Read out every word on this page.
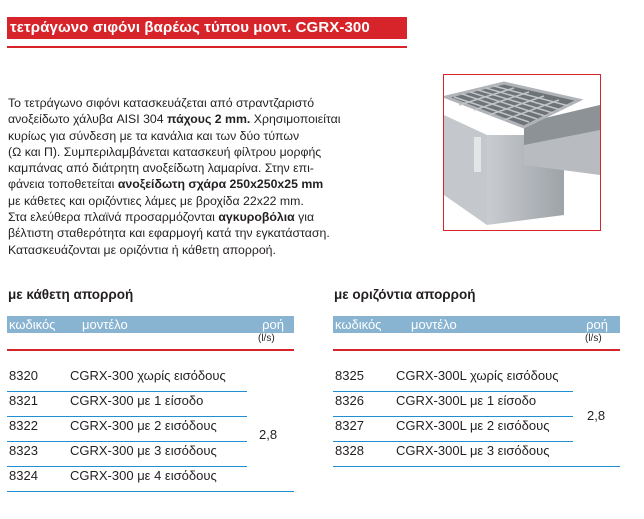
τετράγωνο σιφόνι βαρέως τύπου μοντ. CGRX-300
Το τετράγωνο σιφόνι κατασκευάζεται από στραντζαριστό
ανοξείδωτο χάλυβα AISI 304 πάχους 2 mm. Χρησιμοποιείται
κυρίως για σύνδεση με τα κανάλια και των δύο τύπων
(Ω και Π). Συμπεριλαμβάνεται κατασκευή φίλτρου μορφής
καμπάνας από διάτρητη ανοξείδωτη λαμαρίνα. Στην επι-
φάνεια τοποθετείται ανοξείδωτη σχάρα 250x250x25 mm
με κάθετες και οριζόντιες λάμες με βροχίδα 22x22 mm.
Στα ελεύθερα πλαϊνά προσαρμόζονται αγκυροβόλια για
βέλτιστη σταθερότητα και εφαρμογή κατά την εγκατάσταση.
Κατασκευάζονται με οριζόντια ή κάθετη απορροή.
με κάθετη απορροή
κωδικός μοντέλο	ροή
(l/s)
8320 CGRX-300 χωρίς εισόδους
8321 CGRX-300 με 1 είσοδο
8322 CGRX-300 με 2 εισόδους
8323 CGRX-300 με 3 εισόδους
8324 CGRX-300 με 4 εισόδους
2,8
με οριζόντια απορροή
κωδικός μοντέλο	ροή
(l/s)
8325 CGRX-300L χωρίς εισόδους
8326 CGRX-300L με 1 είσοδο
8327 CGRX-300L με 2 εισόδους
8328 CGRX-300L με 3 εισόδους
2,8
